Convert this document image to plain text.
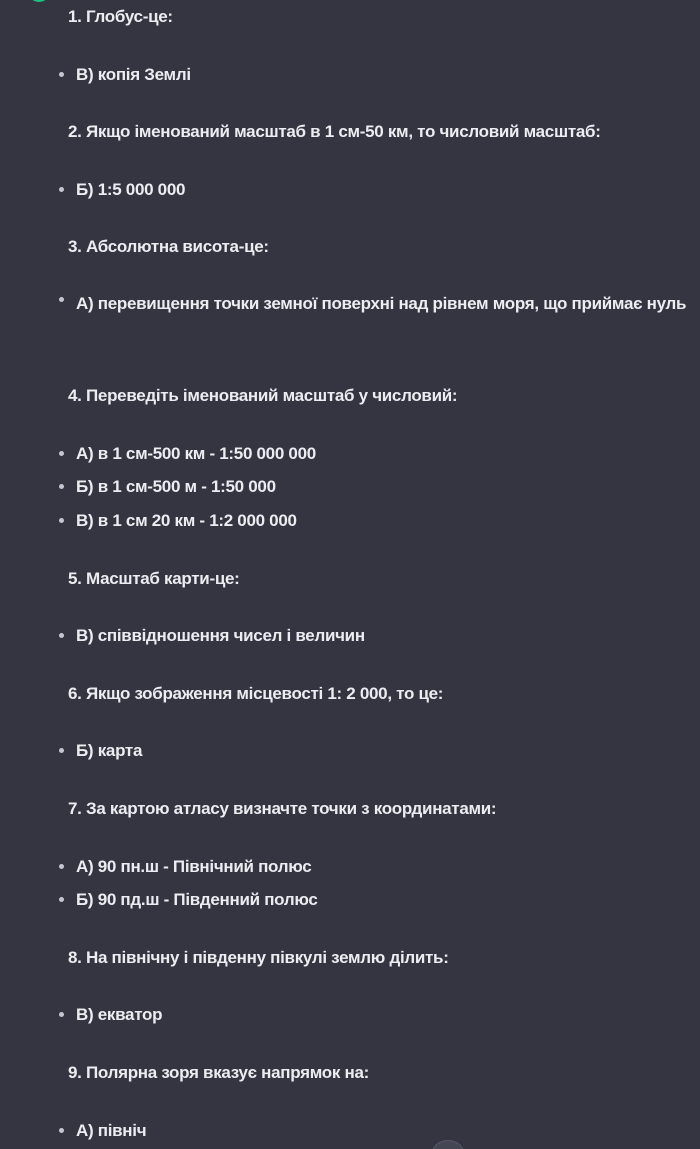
1. Глобус-це:
В) копія Землі
2. Якщо іменований масштаб в 1 см-50 км, то числовий масштаб:
Б) 1:5 000 000
3. Абсолютна висота-це:
А) перевищення точки земної поверхні над рівнем моря, що приймає нуль
4. Переведіть іменований масштаб у числовий:
А) в 1 см-500 км - 1:50 000 000
Б) в 1 см-500 м - 1:50 000
В) в 1 см 20 км - 1:2 000 000
5. Масштаб карти-це:
В) співвідношення чисел і величин
6. Якщо зображення місцевості 1: 2 000, то це:
Б) карта
7. За картою атласу визначте точки з координатами:
А) 90 пн.ш - Північний полюс
Б) 90 пд.ш - Південний полюс
8. На північну і південну півкулі землю ділить:
В) екватор
9. Полярна зоря вказує напрямок на:
А) північ
